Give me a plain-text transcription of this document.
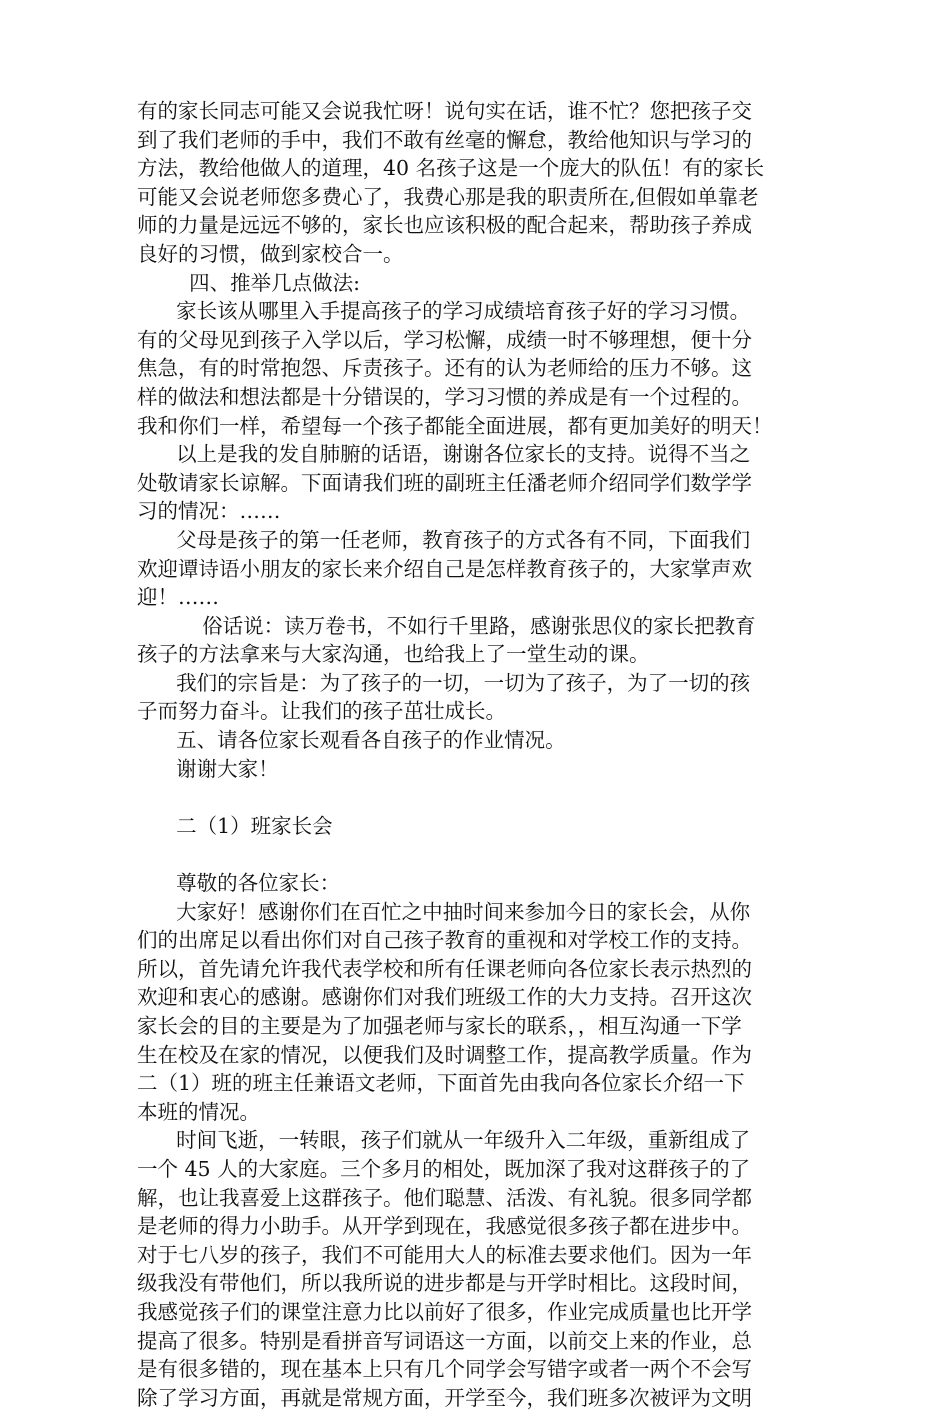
有的家长同志可能又会说我忙呀！说句实在话，谁不忙？您把孩子交
到了我们老师的手中，我们不敢有丝毫的懈怠，教给他知识与学习的
方法，教给他做人的道理，40 名孩子这是一个庞大的队伍！有的家长
可能又会说老师您多费心了，我费心那是我的职责所在,但假如单靠老
师的力量是远远不够的，家长也应该积极的配合起来，帮助孩子养成
良好的习惯，做到家校合一。
四、推举几点做法:
家长该从哪里入手提高孩子的学习成绩培育孩子好的学习习惯。
有的父母见到孩子入学以后，学习松懈，成绩一时不够理想，便十分
焦急，有的时常抱怨、斥责孩子。还有的认为老师给的压力不够。这
样的做法和想法都是十分错误的，学习习惯的养成是有一个过程的。
我和你们一样，希望每一个孩子都能全面进展，都有更加美好的明天！
以上是我的发自肺腑的话语，谢谢各位家长的支持。说得不当之
处敬请家长谅解。下面请我们班的副班主任潘老师介绍同学们数学学
习的情况：……
父母是孩子的第一任老师，教育孩子的方式各有不同，下面我们
欢迎谭诗语小朋友的家长来介绍自己是怎样教育孩子的，大家掌声欢
迎！……
俗话说：读万卷书，不如行千里路，感谢张思仪的家长把教育
孩子的方法拿来与大家沟通，也给我上了一堂生动的课。
我们的宗旨是：为了孩子的一切，一切为了孩子，为了一切的孩
子而努力奋斗。让我们的孩子茁壮成长。
五、请各位家长观看各自孩子的作业情况。
谢谢大家！
二（1）班家长会
尊敬的各位家长：
大家好！感谢你们在百忙之中抽时间来参加今日的家长会，从你
们的出席足以看出你们对自己孩子教育的重视和对学校工作的支持。
所以，首先请允许我代表学校和所有任课老师向各位家长表示热烈的
欢迎和衷心的感谢。感谢你们对我们班级工作的大力支持。召开这次
家长会的目的主要是为了加强老师与家长的联系，，相互沟通一下学
生在校及在家的情况，以便我们及时调整工作，提高教学质量。作为
二（1）班的班主任兼语文老师，下面首先由我向各位家长介绍一下
本班的情况。
时间飞逝，一转眼，孩子们就从一年级升入二年级，重新组成了
一个 45 人的大家庭。三个多月的相处，既加深了我对这群孩子的了
解，也让我喜爱上这群孩子。他们聪慧、活泼、有礼貌。很多同学都
是老师的得力小助手。从开学到现在，我感觉很多孩子都在进步中。
对于七八岁的孩子，我们不可能用大人的标准去要求他们。因为一年
级我没有带他们，所以我所说的进步都是与开学时相比。这段时间，
我感觉孩子们的课堂注意力比以前好了很多，作业完成质量也比开学
提高了很多。特别是看拼音写词语这一方面，以前交上来的作业，总
是有很多错的，现在基本上只有几个同学会写错字或者一两个不会写
除了学习方面，再就是常规方面，开学至今，我们班多次被评为文明
